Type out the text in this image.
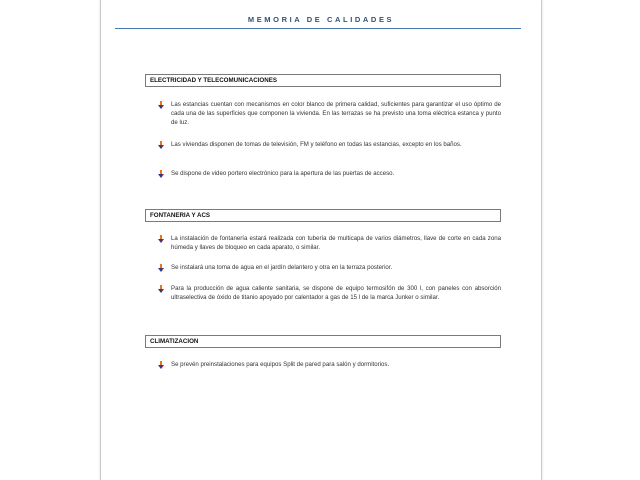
MEMORIA DE CALIDADES
ELECTRICIDAD Y TELECOMUNICACIONES
Las estancias cuentan con mecanismos en color blanco de primera calidad, suficientes para garantizar el uso óptimo de cada una de las superficies que componen la vivienda. En las terrazas se ha previsto una toma eléctrica estanca y punto de luz.
Las viviendas disponen de tomas de televisión, FM y teléfono en todas las estancias, excepto en los baños.
Se dispone de video portero electrónico para la apertura de las puertas de acceso.
FONTANERIA Y ACS
La instalación de fontanería estará realizada con tubería de multicapa de varios diámetros, llave de corte en cada zona húmeda y llaves de bloqueo en cada aparato, o similar.
Se instalará una toma de agua en el jardín delantero y otra en la terraza posterior.
Para la producción de agua caliente sanitaria, se dispone de equipo termosifón de 300 l, con paneles con absorción ultraselectiva de óxido de titanio apoyado por calentador a gas de 15 l de la marca Junker o similar.
CLIMATIZACION
Se prevén preinstalaciones para equipos Split de pared para salón y dormitorios.
